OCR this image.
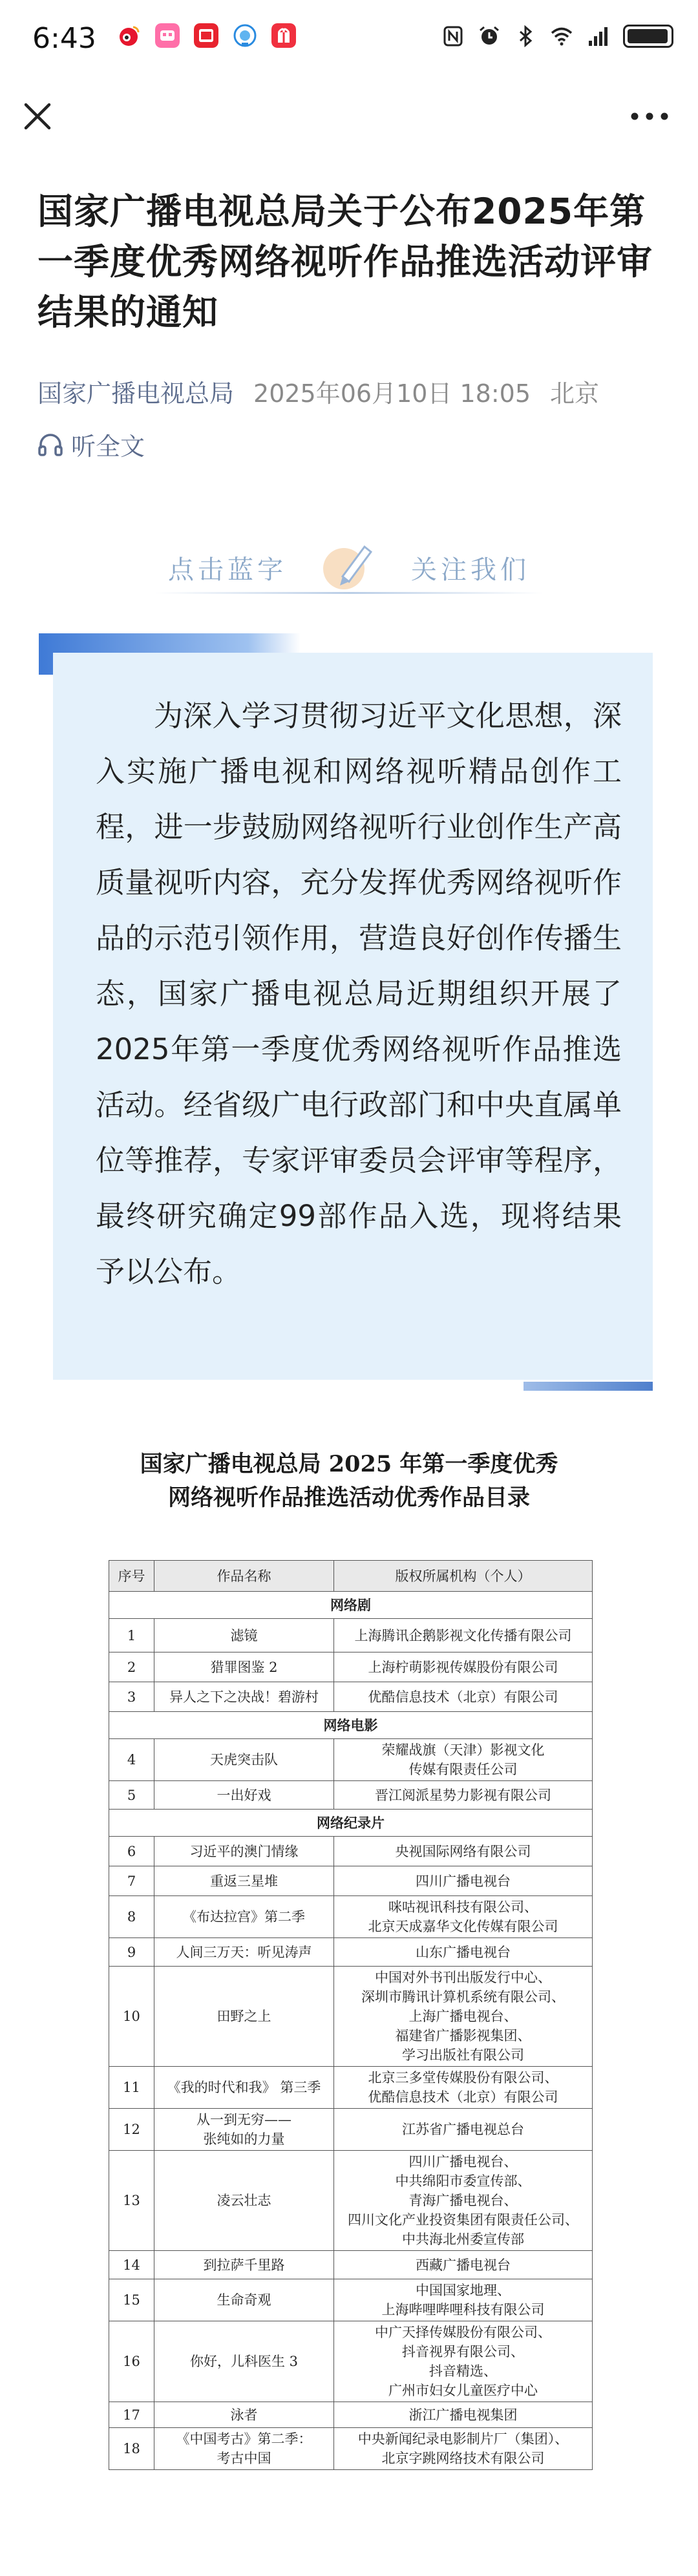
6:43
国家广播电视总局关于公布2025年第一季度优秀网络视听作品推选活动评审结果的通知
国家广播电视总局 2025年06月10日 18:05 北京
听全文
点击蓝字	关注我们

为深入学习贯彻习近平文化思想，深入实施广播电视和网络视听精品创作工程，进一步鼓励网络视听行业创作生产高质量视听内容，充分发挥优秀网络视听作品的示范引领作用，营造良好创作传播生态，国家广播电视总局近期组织开展了2025年第一季度优秀网络视听作品推选活动。经省级广电行政部门和中央直属单位等推荐，专家评审委员会评审等程序，最终研究确定99部作品入选，现将结果予以公布。

国家广播电视总局 2025 年第一季度优秀
网络视听作品推选活动优秀作品目录
序号	作品名称	版权所属机构（个人）
网络剧		
1	滤镜	上海腾讯企鹅影视文化传播有限公司
2	猎罪图鉴 2	上海柠萌影视传媒股份有限公司
3	异人之下之决战！碧游村	优酷信息技术（北京）有限公司
网络电影		
4	天虎突击队	荣耀战旗（天津）影视文化
传媒有限责任公司
5	一出好戏	晋江阅派星势力影视有限公司
网络纪录片		
6	习近平的澳门情缘	央视国际网络有限公司
7	重返三星堆	四川广播电视台
8	《布达拉宫》第二季	咪咕视讯科技有限公司、
北京天成嘉华文化传媒有限公司
9	人间三万天：听见涛声	山东广播电视台
10	田野之上	中国对外书刊出版发行中心、
深圳市腾讯计算机系统有限公司、
上海广播电视台、
福建省广播影视集团、
学习出版社有限公司
11	《我的时代和我》 第三季	北京三多堂传媒股份有限公司、
优酷信息技术（北京）有限公司
12	从一到无穷——
张纯如的力量	江苏省广播电视总台
13	凌云壮志	四川广播电视台、
中共绵阳市委宣传部、
青海广播电视台、
四川文化产业投资集团有限责任公司、
中共海北州委宣传部
14	到拉萨千里路	西藏广播电视台
15	生命奇观	中国国家地理、
上海哔哩哔哩科技有限公司
16	你好，儿科医生 3	中广天择传媒股份有限公司、
抖音视界有限公司、
抖音精选、
广州市妇女儿童医疗中心
17	泳者	浙江广播电视集团
18	《中国考古》第二季：
考古中国	中央新闻纪录电影制片厂（集团）、
北京字跳网络技术有限公司
